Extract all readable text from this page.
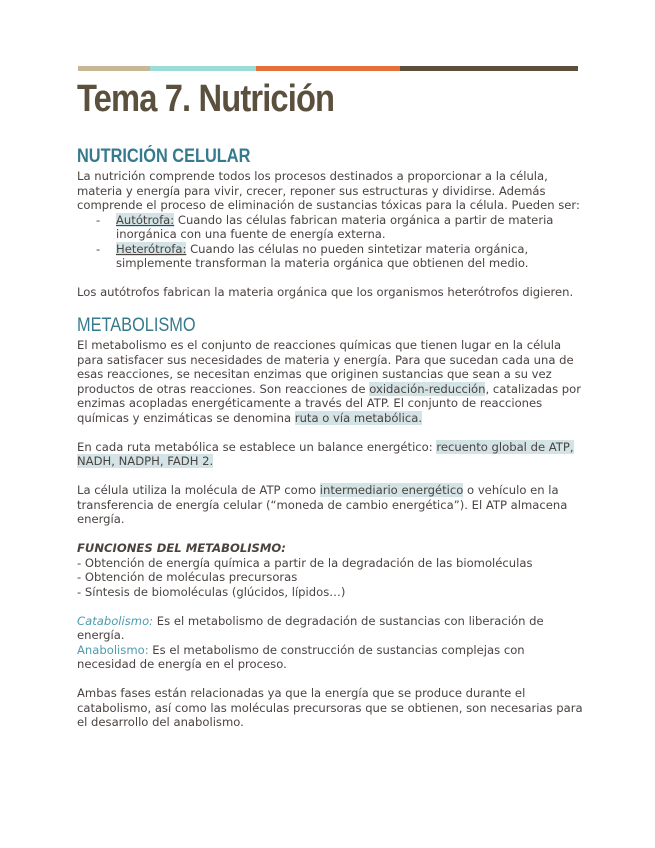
Tema 7. Nutrición
NUTRICIÓN CELULAR

La nutrición comprende todos los procesos destinados a proporcionar a la célula, materia y energía para vivir, crecer, reponer sus estructuras y dividirse. Además comprende el proceso de eliminación de sustancias tóxicas para la célula. Pueden ser:

- Autótrofa: Cuando las células fabrican materia orgánica a partir de materia inorgánica con una fuente de energía externa.
- Heterótrofa: Cuando las células no pueden sintetizar materia orgánica, simplemente transforman la materia orgánica que obtienen del medio.

Los autótrofos fabrican la materia orgánica que los organismos heterótrofos digieren.

METABOLISMO

El metabolismo es el conjunto de reacciones químicas que tienen lugar en la célula para satisfacer sus necesidades de materia y energía. Para que sucedan cada una de esas reacciones, se necesitan enzimas que originen sustancias que sean a su vez productos de otras reacciones. Son reacciones de oxidación-reducción, catalizadas por enzimas acopladas energéticamente a través del ATP. El conjunto de reacciones químicas y enzimáticas se denomina ruta o vía metabólica.

En cada ruta metabólica se establece un balance energético: recuento global de ATP, NADH, NADPH, FADH 2.

La célula utiliza la molécula de ATP como intermediario energético o vehículo en la transferencia de energía celular (“moneda de cambio energética”). El ATP almacena energía.

FUNCIONES DEL METABOLISMO:

- Obtención de energía química a partir de la degradación de las biomoléculas

- Obtención de moléculas precursoras

- Síntesis de biomoléculas (glúcidos, lípidos…)

Catabolismo: Es el metabolismo de degradación de sustancias con liberación de energía.

Anabolismo: Es el metabolismo de construcción de sustancias complejas con necesidad de energía en el proceso.

Ambas fases están relacionadas ya que la energía que se produce durante el catabolismo, así como las moléculas precursoras que se obtienen, son necesarias para el desarrollo del anabolismo.
